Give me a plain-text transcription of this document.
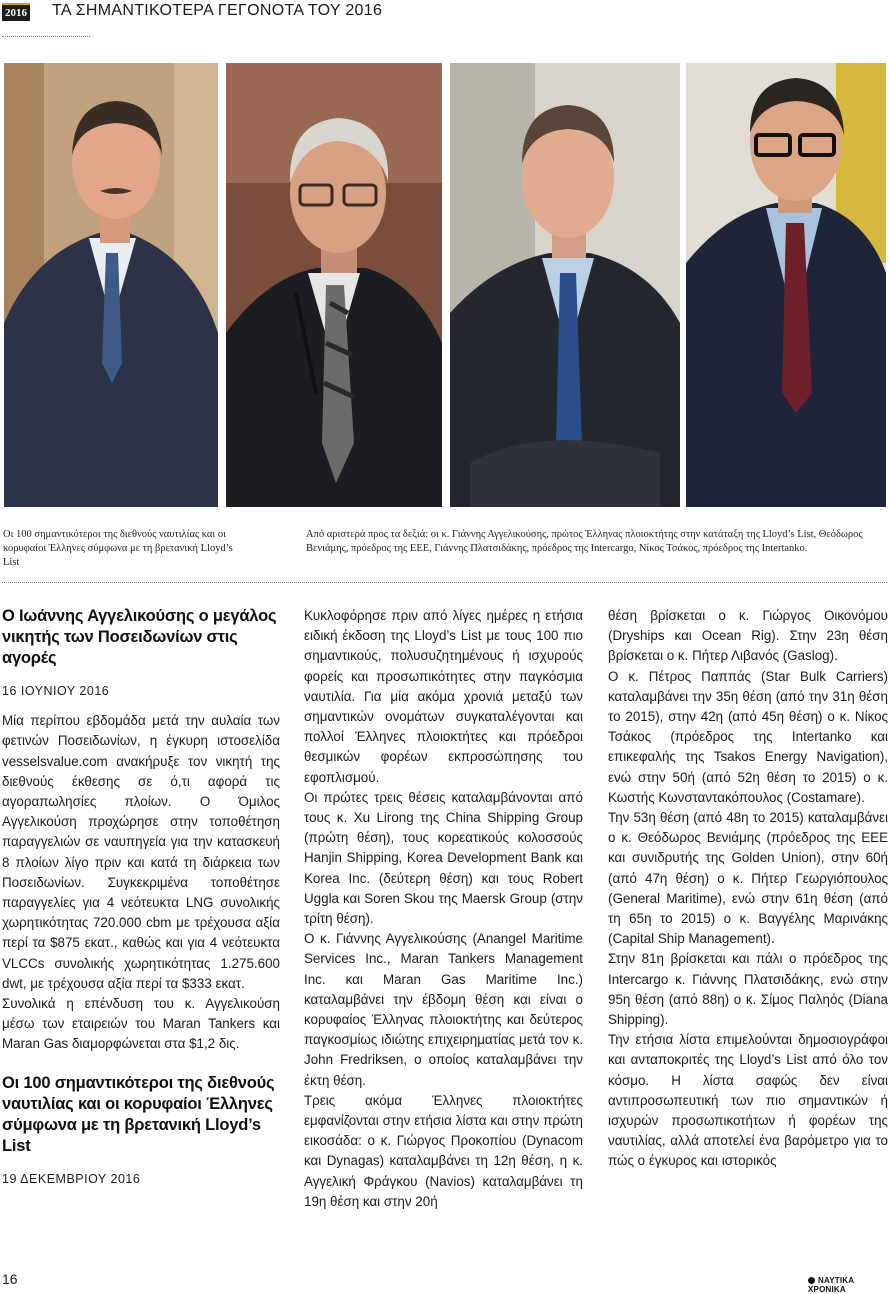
2016 ΤΑ ΣΗΜΑΝΤΙΚΟΤΕΡΑ ΓΕΓΟΝΟΤΑ ΤΟΥ 2016
Οι 100 σημαντικότεροι της διεθνούς ναυτιλίας και οι κορυφαίοι Έλληνες σύμφωνα με τη βρετανική Lloyd’s List
Από αριστερά προς τα δεξιά: οι κ. Γιάννης Αγγελικούσης, πρώτος Έλληνας πλοιοκτήτης στην κατάταξη της Lloyd’s List, Θεόδωρος Βενιάμης, πρόεδρος της ΕΕΕ, Γιάννης Πλατσιδάκης, πρόεδρος της Intercargo, Νίκος Τσάκος, πρόεδρος της Intertanko.
Ο Ιωάννης Αγγελικούσης ο μεγάλος νικητής των Ποσειδωνίων στις αγορές
16 ΙΟΥΝΙΟΥ 2016

Μία περίπου εβδομάδα μετά την αυλαία των φετινών Ποσειδωνίων, η έγκυρη ιστοσελίδα vesselsvalue.com ανακήρυξε τον νικητή της διεθνούς έκθεσης σε ό,τι αφορά τις αγοραπωλησίες πλοίων. Ο Όμιλος Αγγελικούση προχώρησε στην τοποθέτηση παραγγελιών σε ναυπηγεία για την κατασκευή 8 πλοίων λίγο πριν και κατά τη διάρκεια των Ποσειδωνίων. Συγκεκριμένα τοποθέτησε παραγγελίες για 4 νεότευκτα LNG συνολικής χωρητικότητας 720.000 cbm με τρέχουσα αξία περί τα $875 εκατ., καθώς και για 4 νεότευκτα VLCCs συνολικής χωρητικότητας 1.275.600 dwt, με τρέχουσα αξία περί τα $333 εκατ.

Συνολικά η επένδυση του κ. Αγγελικούση μέσω των εταιρειών του Maran Tankers και Maran Gas διαμορφώνεται στα $1,2 δις.

Οι 100 σημαντικότεροι της διεθνούς ναυτιλίας και οι κορυφαίοι Έλληνες σύμφωνα με τη βρετανική Lloyd’s List
19 ΔΕΚΕΜΒΡΙΟΥ 2016

Κυκλοφόρησε πριν από λίγες ημέρες η ετήσια ειδική έκδοση της Lloyd’s List με τους 100 πιο σημαντικούς, πολυσυζητημένους ή ισχυρούς φορείς και προσωπικότητες στην παγκόσμια ναυτιλία. Για μία ακόμα χρονιά μεταξύ των σημαντικών ονομάτων συγκαταλέγονται και πολλοί Έλληνες πλοιοκτήτες και πρόεδροι θεσμικών φορέων εκπροσώπησης του εφοπλισμού.

Οι πρώτες τρεις θέσεις καταλαμβάνονται από τους κ. Xu Lirong της China Shipping Group (πρώτη θέση), τους κορεατικούς κολοσσούς Hanjin Shipping, Korea Development Bank και Korea Inc. (δεύτερη θέση) και τους Robert Uggla και Soren Skou της Maersk Group (στην τρίτη θέση).

Ο κ. Γιάννης Αγγελικούσης (Anangel Maritime Services Inc., Maran Tankers Management Inc. και Maran Gas Maritime Inc.) καταλαμβάνει την έβδομη θέση και είναι ο κορυφαίος Έλληνας πλοιοκτήτης και δεύτερος παγκοσμίως ιδιώτης επιχειρηματίας μετά τον κ. John Fredriksen, ο οποίος καταλαμβάνει την έκτη θέση.

Τρεις ακόμα Έλληνες πλοιοκτήτες εμφανίζονται στην ετήσια λίστα και στην πρώτη εικοσάδα: ο κ. Γιώργος Προκοπίου (Dynacom και Dynagas) καταλαμβάνει τη 12η θέση, η κ. Αγγελική Φράγκου (Navios) καταλαμβάνει τη 19η θέση και στην 20ή

θέση βρίσκεται ο κ. Γιώργος Οικονόμου (Dryships και Ocean Rig). Στην 23η θέση βρίσκεται ο κ. Πήτερ Λιβανός (Gaslog).

Ο κ. Πέτρος Παππάς (Star Bulk Carriers) καταλαμβάνει την 35η θέση (από την 31η θέση το 2015), στην 42η (από 45η θέση) ο κ. Νίκος Τσάκος (πρόεδρος της Intertanko και επικεφαλής της Tsakos Energy Navigation), ενώ στην 50ή (από 52η θέση το 2015) ο κ. Κωστής Κωνσταντακόπουλος (Costamare).

Την 53η θέση (από 48η το 2015) καταλαμβάνει ο κ. Θεόδωρος Βενιάμης (πρόεδρος της ΕΕΕ και συνιδρυτής της Golden Union), στην 60ή (από 47η θέση) ο κ. Πήτερ Γεωργιόπουλος (General Maritime), ενώ στην 61η θέση (από τη 65η το 2015) ο κ. Βαγγέλης Μαρινάκης (Capital Ship Management).

Στην 81η βρίσκεται και πάλι ο πρόεδρος της Intercargo κ. Γιάννης Πλατσιδάκης, ενώ στην 95η θέση (από 88η) ο κ. Σίμος Παληός (Diana Shipping).

Την ετήσια λίστα επιμελούνται δημοσιογράφοι και ανταποκριτές της Lloyd’s List από όλο τον κόσμο. Η λίστα σαφώς δεν είναι αντιπροσωπευτική των πιο σημαντικών ή ισχυρών προσωπικοτήτων ή φορέων της ναυτιλίας, αλλά αποτελεί ένα βαρόμετρο για το πώς ο έγκυρος και ιστορικός

16	ΝΑΥΤΙΚΑ ΧΡΟΝΙΚΑ
